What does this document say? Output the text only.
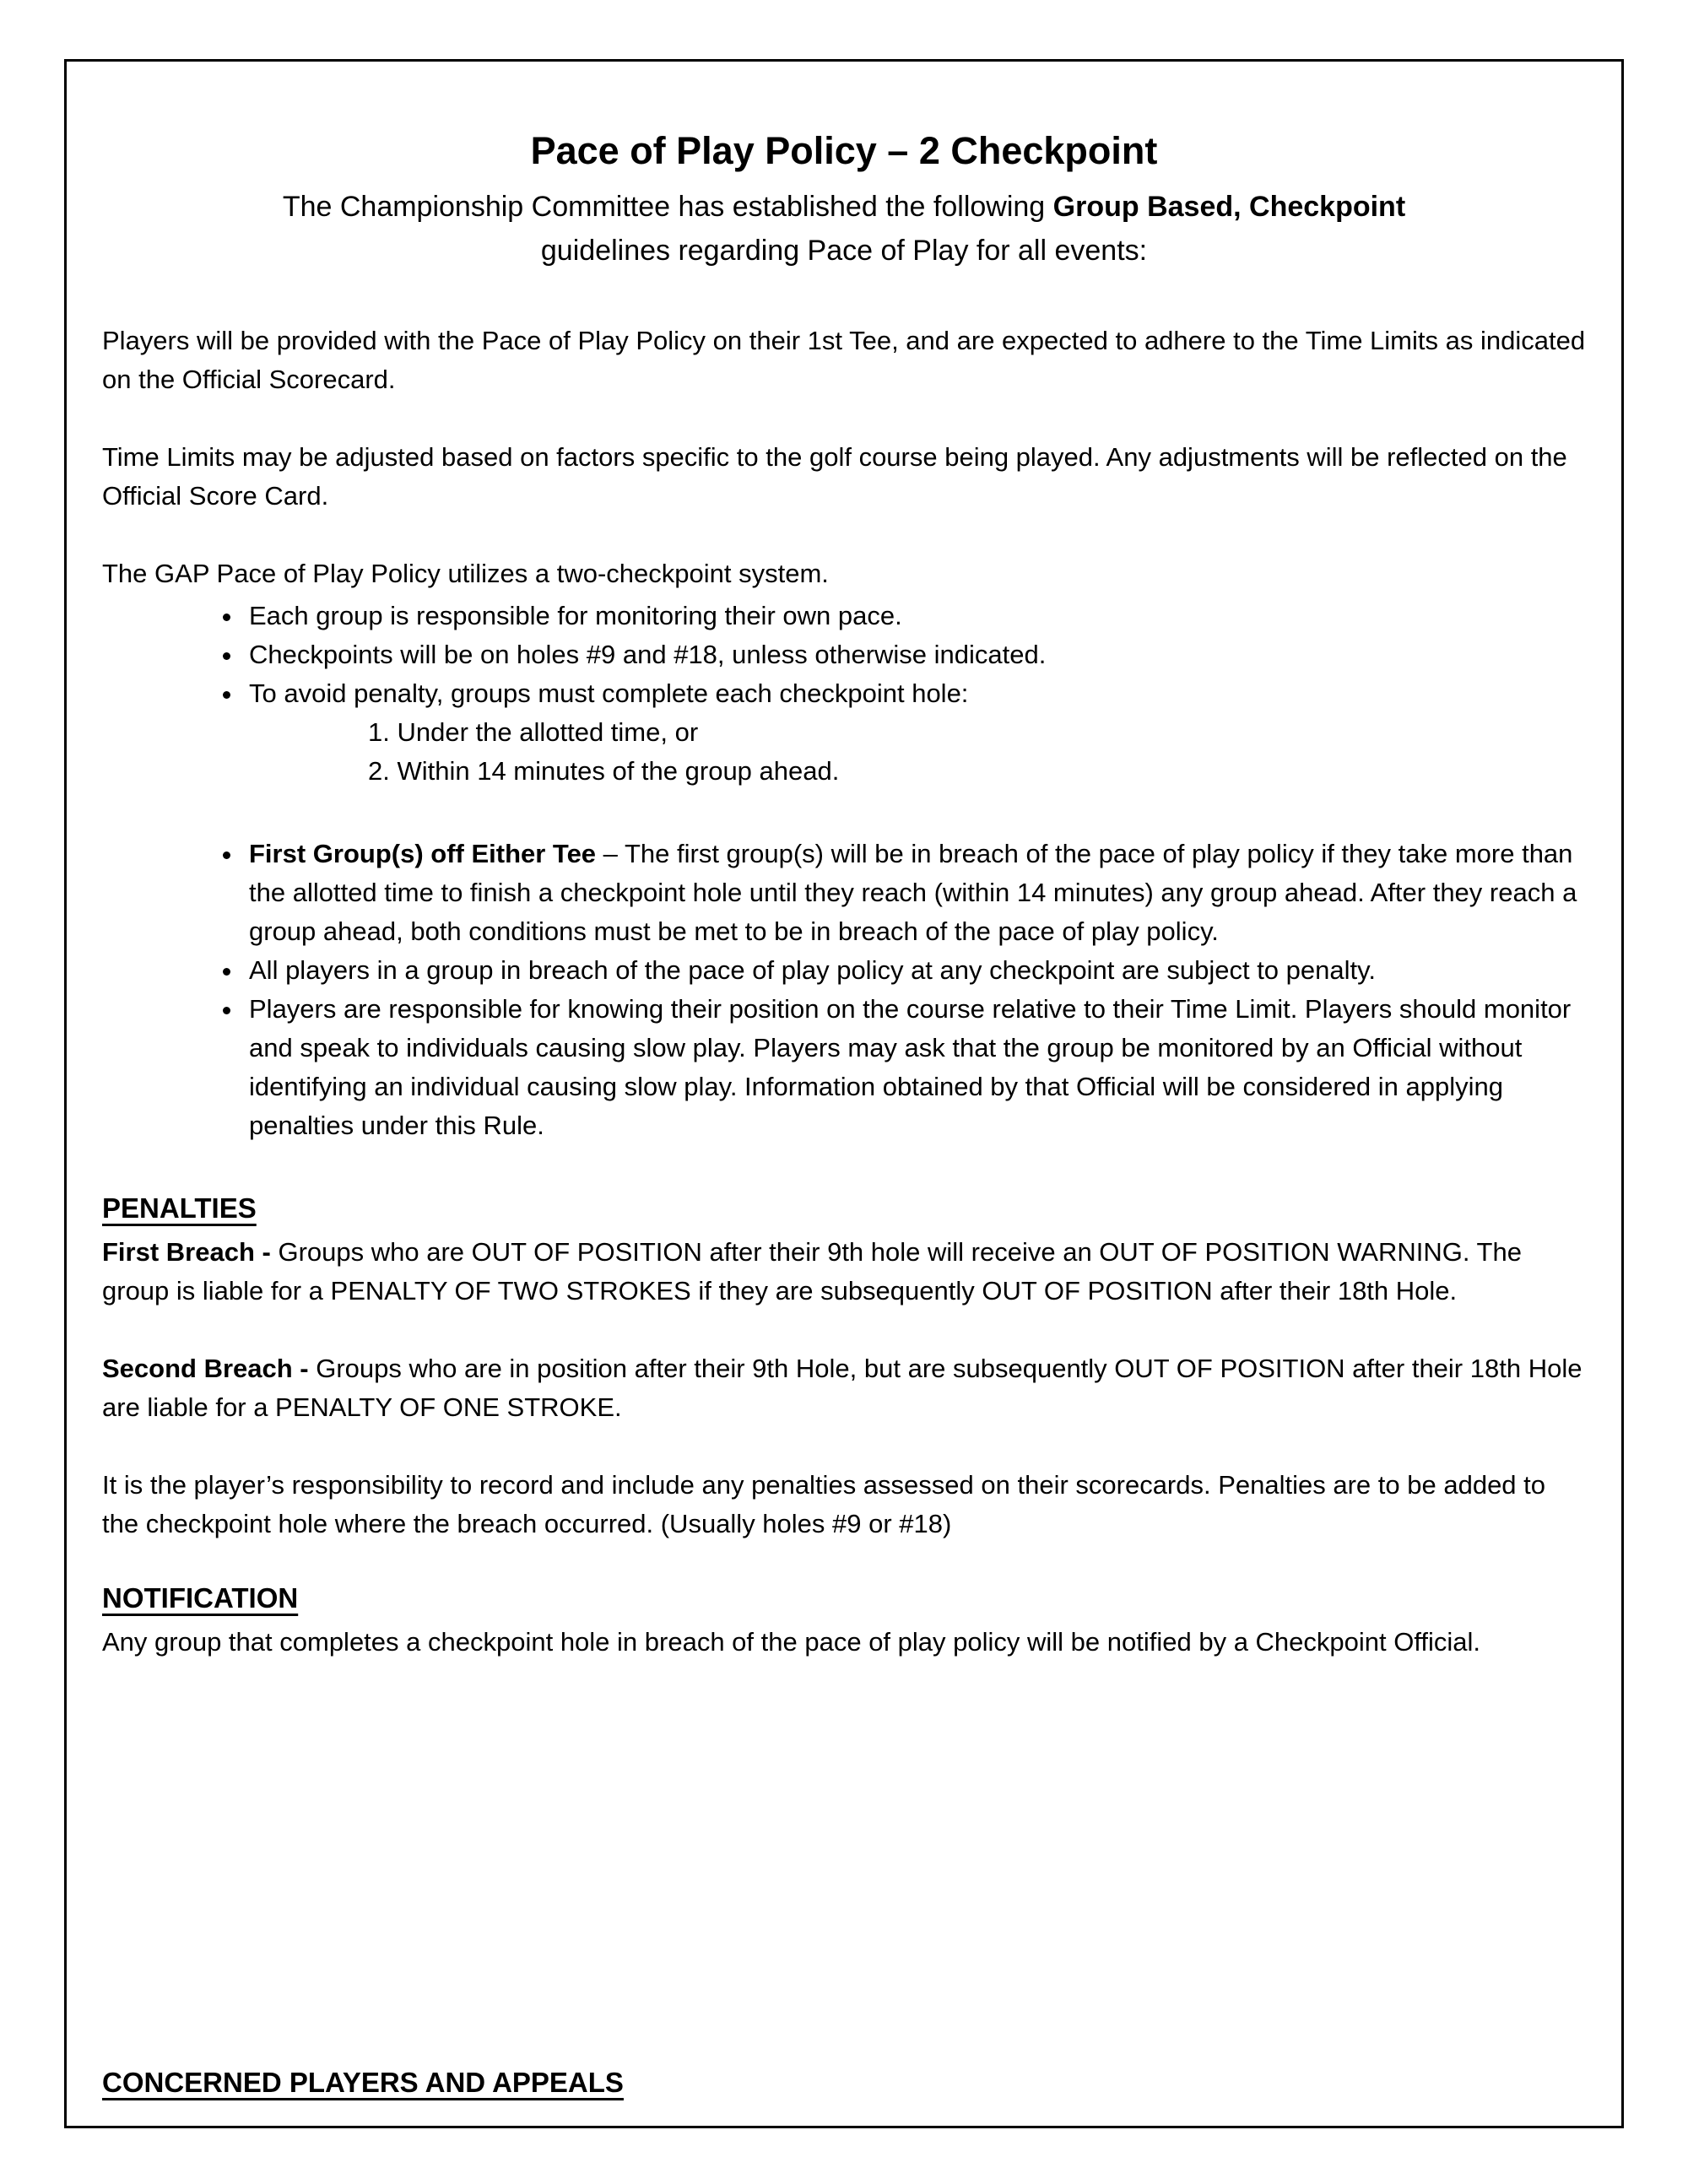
Pace of Play Policy – 2 Checkpoint

The Championship Committee has established the following Group Based, Checkpoint
guidelines regarding Pace of Play for all events:

Players will be provided with the Pace of Play Policy on their 1st Tee, and are expected to adhere to the Time Limits as indicated on the Official Scorecard.

Time Limits may be adjusted based on factors specific to the golf course being played. Any adjustments will be reflected on the Official Score Card.

The GAP Pace of Play Policy utilizes a two-checkpoint system.

• Each group is responsible for monitoring their own pace.
• Checkpoints will be on holes #9 and #18, unless otherwise indicated.
• To avoid penalty, groups must complete each checkpoint hole:
1. Under the allotted time, or
2. Within 14 minutes of the group ahead.
• First Group(s) off Either Tee – The first group(s) will be in breach of the pace of play policy if they take more than the allotted time to finish a checkpoint hole until they reach (within 14 minutes) any group ahead. After they reach a group ahead, both conditions must be met to be in breach of the pace of play policy.
• All players in a group in breach of the pace of play policy at any checkpoint are subject to penalty.
• Players are responsible for knowing their position on the course relative to their Time Limit. Players should monitor and speak to individuals causing slow play. Players may ask that the group be monitored by an Official without identifying an individual causing slow play. Information obtained by that Official will be considered in applying penalties under this Rule.
PENALTIES

First Breach - Groups who are OUT OF POSITION after their 9th hole will receive an OUT OF POSITION WARNING. The group is liable for a PENALTY OF TWO STROKES if they are subsequently OUT OF POSITION after their 18th Hole.

Second Breach - Groups who are in position after their 9th Hole, but are subsequently OUT OF POSITION after their 18th Hole are liable for a PENALTY OF ONE STROKE.

It is the player’s responsibility to record and include any penalties assessed on their scorecards. Penalties are to be added to the checkpoint hole where the breach occurred. (Usually holes #9 or #18)

NOTIFICATION

Any group that completes a checkpoint hole in breach of the pace of play policy will be notified by a Checkpoint Official.

CONCERNED PLAYERS AND APPEALS
